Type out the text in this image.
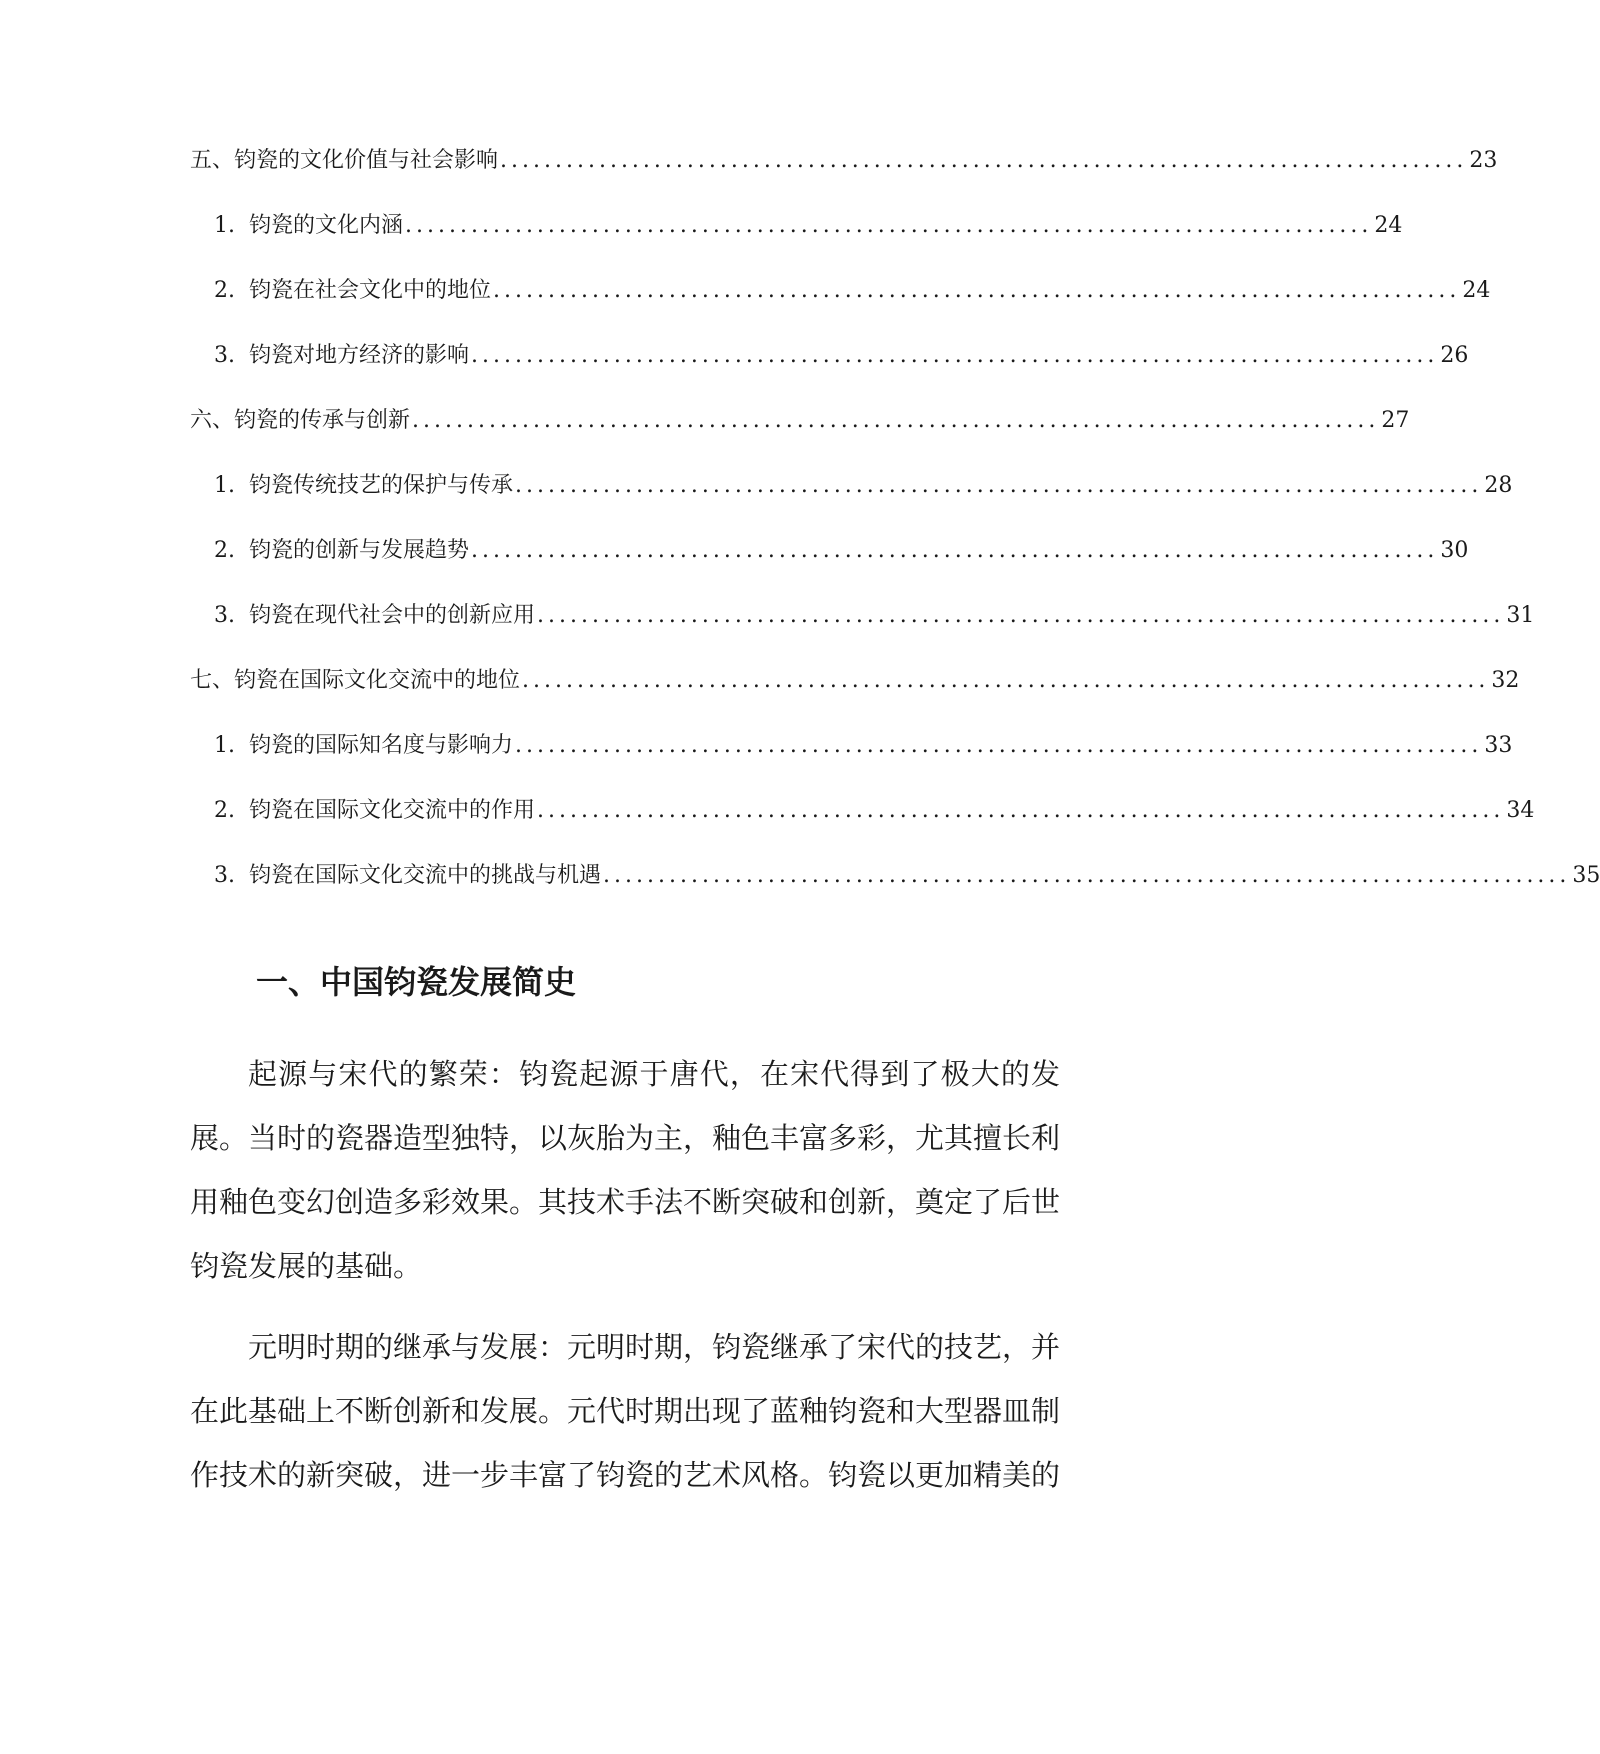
五、钧瓷的文化价值与社会影响 ........................................................................................ 23
1. 钧瓷的文化内涵 ........................................................................................ 24
2. 钧瓷在社会文化中的地位 ........................................................................................ 24
3. 钧瓷对地方经济的影响 ........................................................................................ 26
六、钧瓷的传承与创新 ........................................................................................ 27
1. 钧瓷传统技艺的保护与传承 ........................................................................................ 28
2. 钧瓷的创新与发展趋势 ........................................................................................ 30
3. 钧瓷在现代社会中的创新应用 ........................................................................................ 31
七、钧瓷在国际文化交流中的地位 ........................................................................................ 32
1. 钧瓷的国际知名度与影响力 ........................................................................................ 33
2. 钧瓷在国际文化交流中的作用 ........................................................................................ 34
3. 钧瓷在国际文化交流中的挑战与机遇 ........................................................................................ 35
一、中国钧瓷发展简史

起源与宋代的繁荣：钧瓷起源于唐代，在宋代得到了极大的发展。当时的瓷器造型独特，以灰胎为主，釉色丰富多彩，尤其擅长利用釉色变幻创造多彩效果。其技术手法不断突破和创新，奠定了后世钧瓷发展的基础。

元明时期的继承与发展：元明时期，钧瓷继承了宋代的技艺，并在此基础上不断创新和发展。元代时期出现了蓝釉钧瓷和大型器皿制作技术的新突破，进一步丰富了钧瓷的艺术风格。钧瓷以更加精美的
